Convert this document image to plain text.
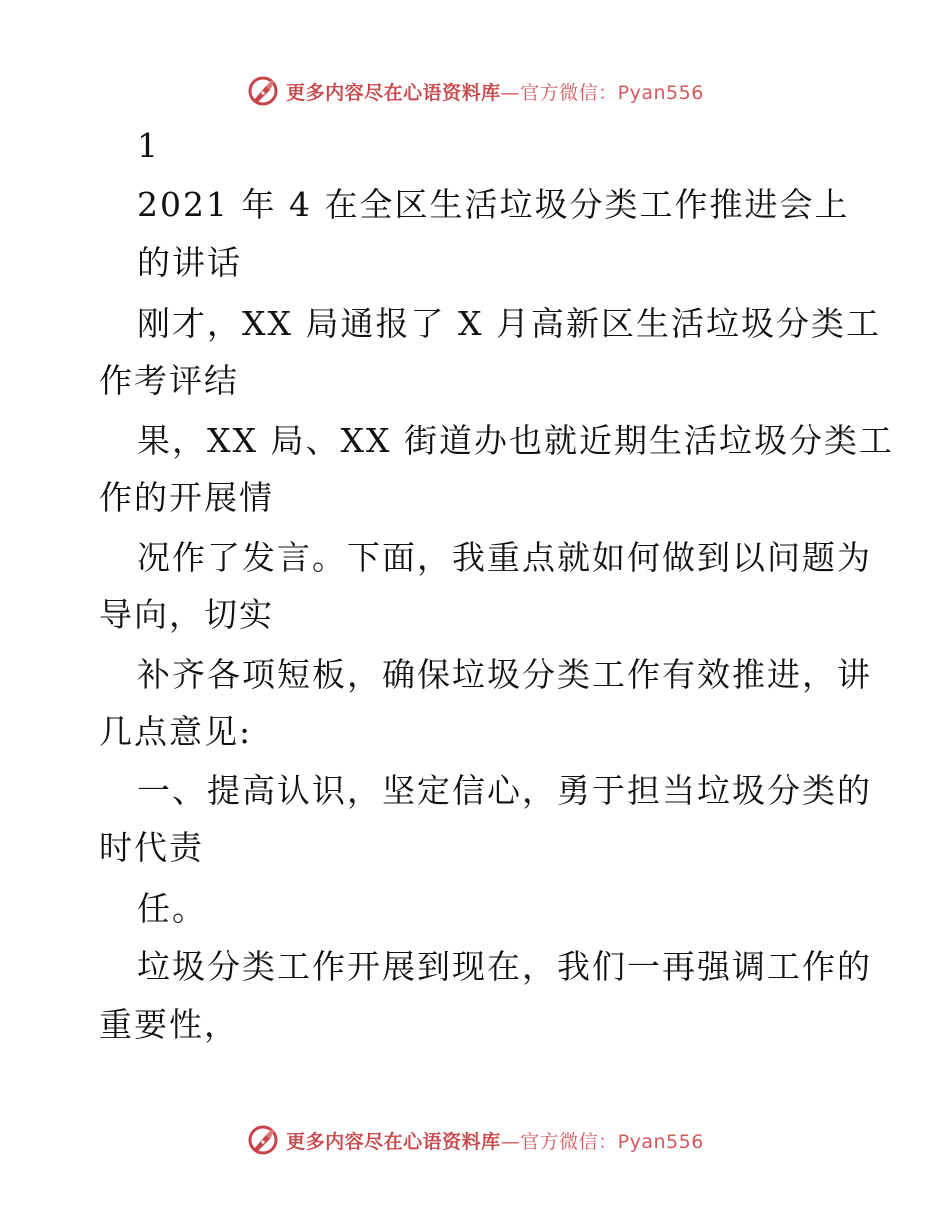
更多内容尽在心语资料库—官方微信：Pyan556
1
2021 年 4 在全区生活垃圾分类工作推进会上
的讲话
刚才，XX 局通报了 X 月高新区生活垃圾分类工
作考评结
果，XX 局、XX 街道办也就近期生活垃圾分类工
作的开展情
况作了发言。下面，我重点就如何做到以问题为
导向，切实
补齐各项短板，确保垃圾分类工作有效推进，讲
几点意见:
一、提高认识，坚定信心，勇于担当垃圾分类的
时代责
任。
垃圾分类工作开展到现在，我们一再强调工作的
重要性，
更多内容尽在心语资料库—官方微信：Pyan556
